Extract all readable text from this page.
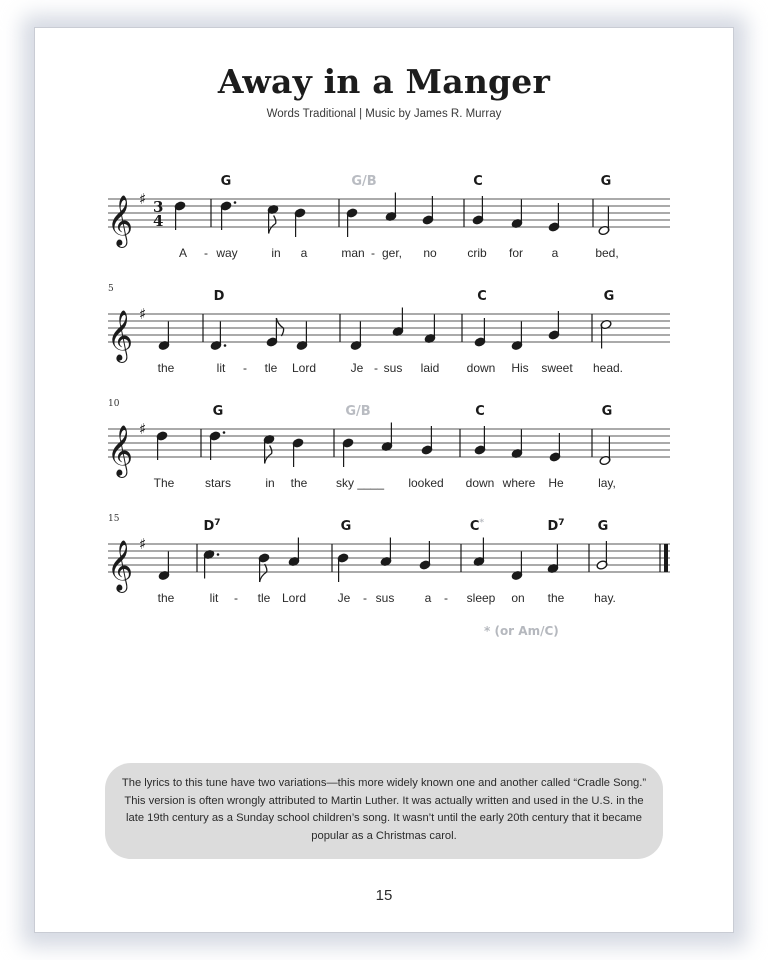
Away in a Manger
Words Traditional | Music by James R. Murray
𝄞 ♯ 3
4
G	G/B	C	G
A - way	in a	man - ger, no	crib for a	bed,
5
𝄞 ♯
D	C	G
the	lit - tle Lord	Je - sus laid down His sweet head.
10
𝄞 ♯
G	G/B	C	G
The	stars	in the sky ____ looked down where He	lay,
15
𝄞 ♯
$D^7$	G	C*	$D^7$	G
the	lit - tle Lord	Je - sus	a - sleep on the hay.
* (or Am/C)
The lyrics to this tune have two variations—this more widely known one and another called “Cradle Song.” This version is often wrongly attributed to Martin Luther. It was actually written and used in the U.S. in the late 19th century as a Sunday school children’s song. It wasn’t until the early 20th century that it became popular as a Christmas carol.
15
